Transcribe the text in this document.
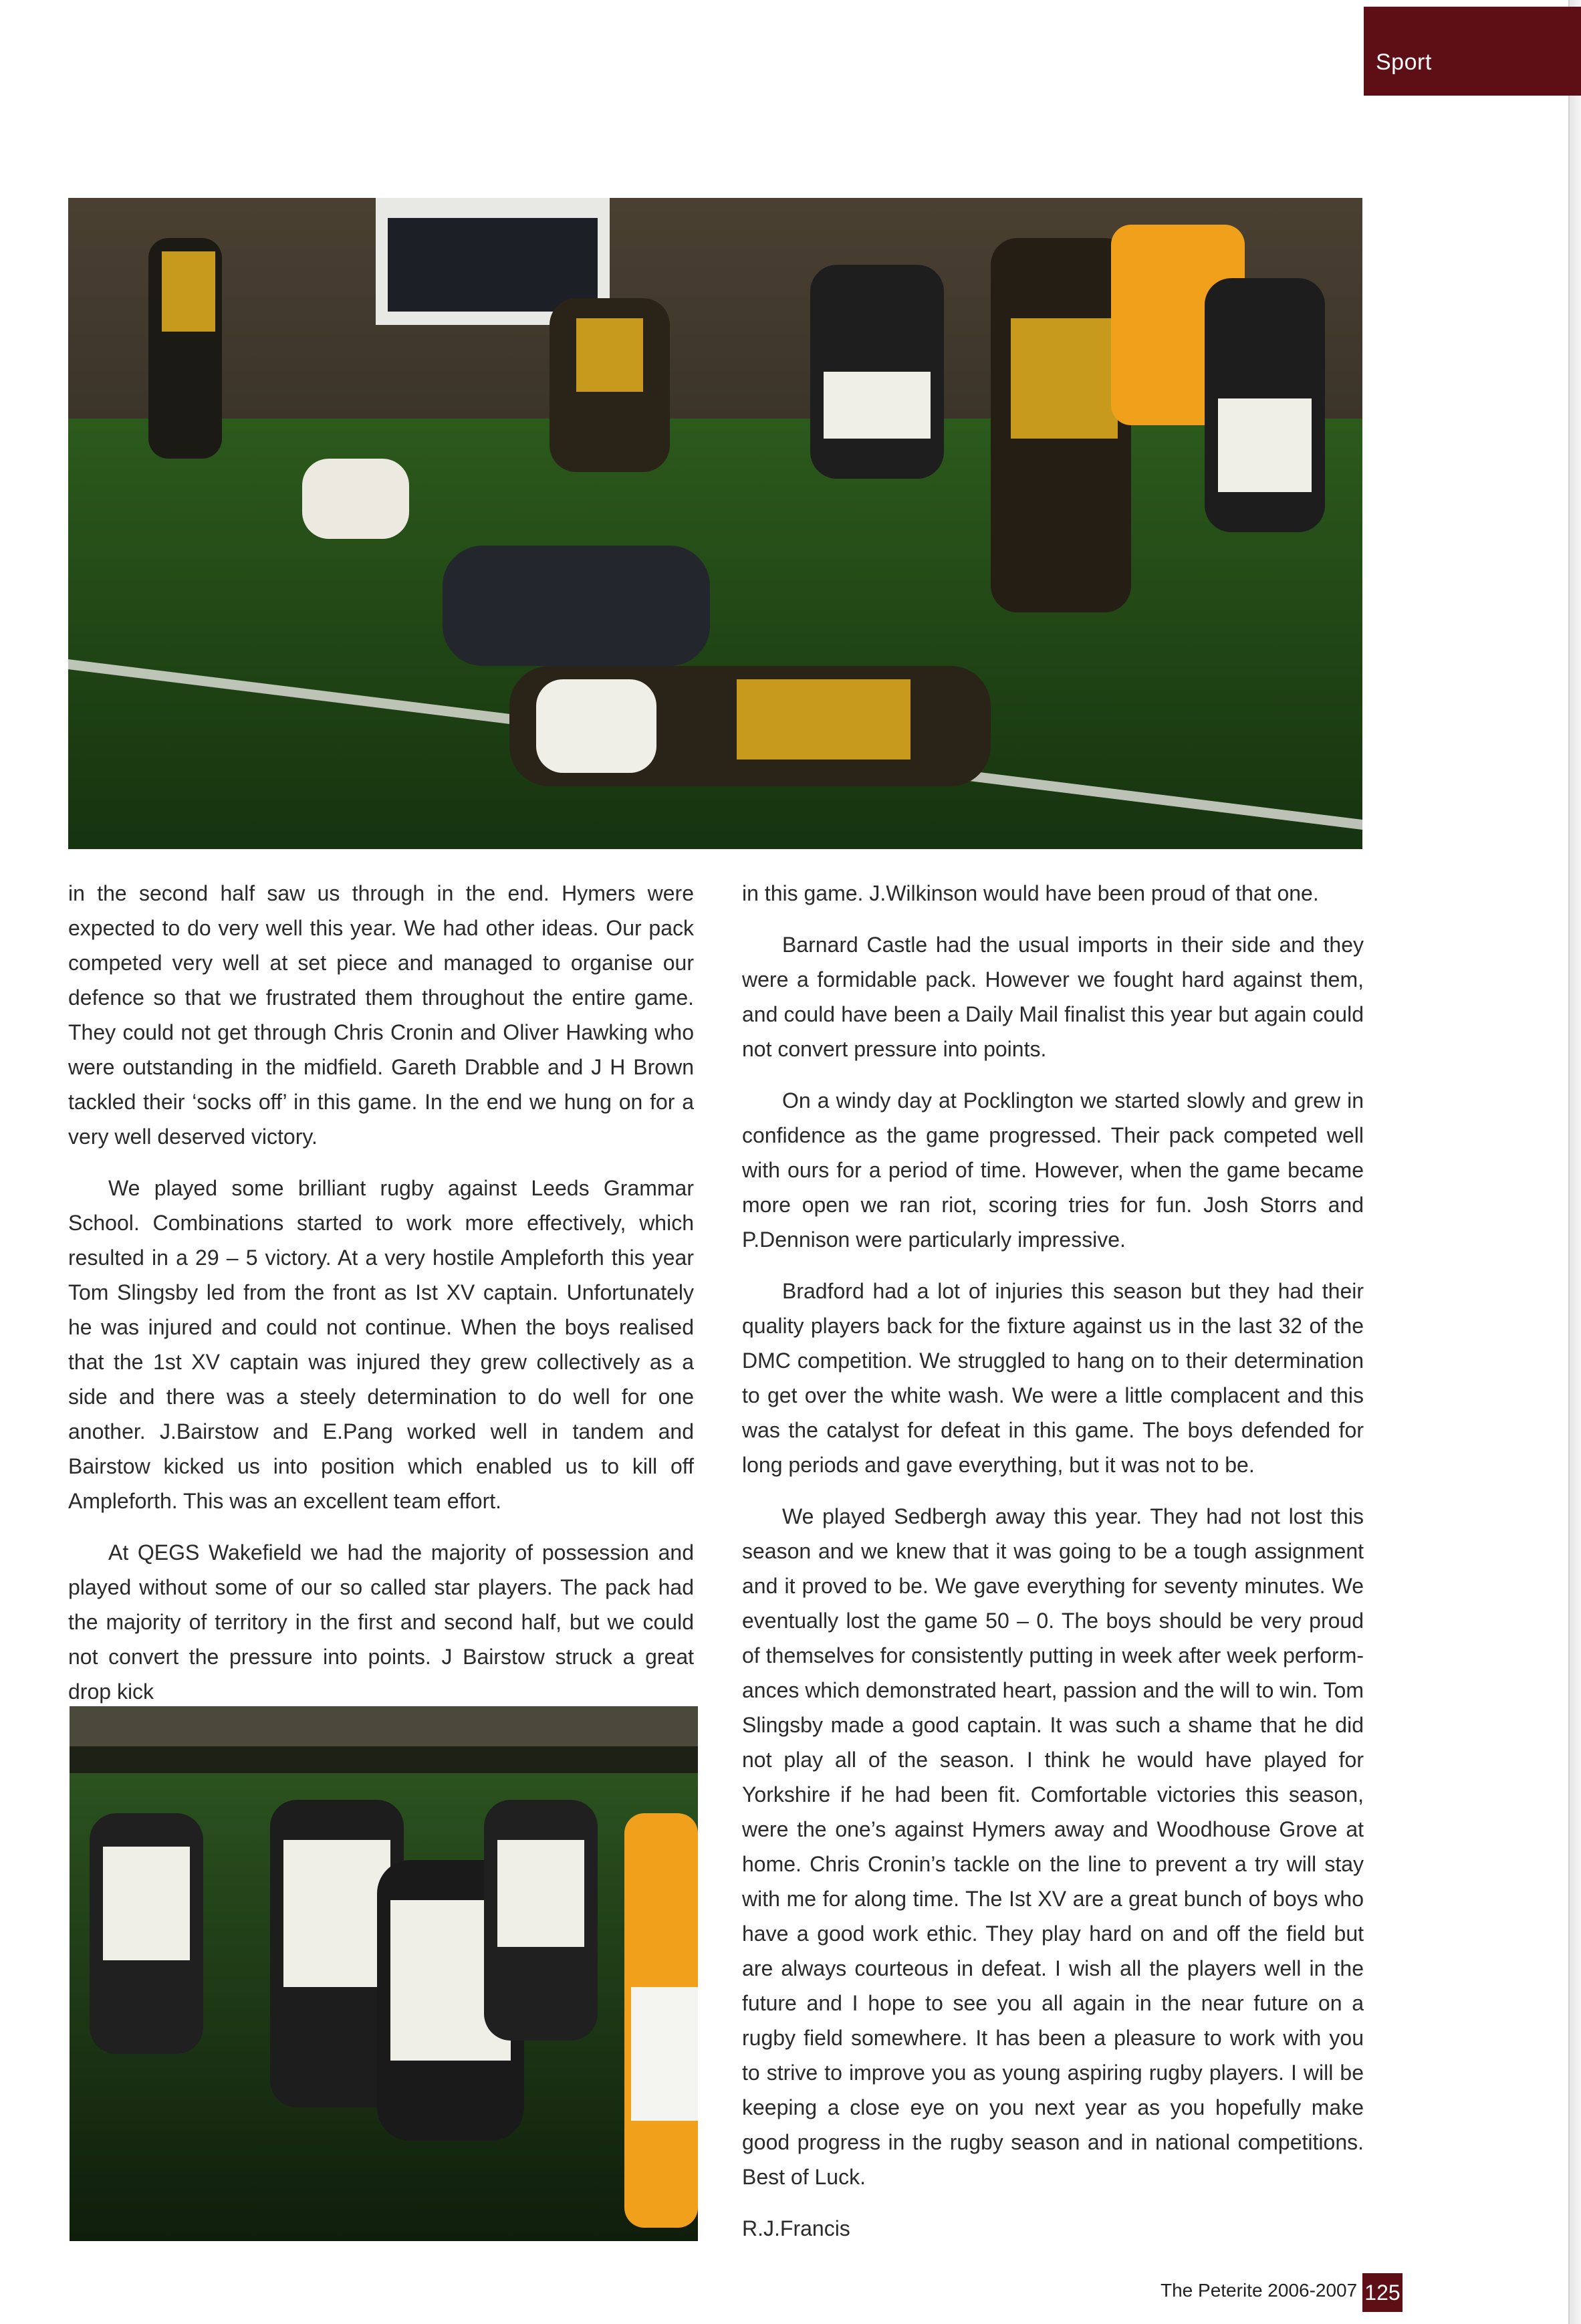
Sport

in the second half saw us through in the end. Hymers were expected to do very well this year. We had other ideas. Our pack competed very well at set piece and managed to organise our defence so that we frustrated them throughout the entire game. They could not get through Chris Cronin and Oliver Hawking who were outstanding in the midfield. Gareth Drabble and J H Brown tackled their ‘socks off’ in this game. In the end we hung on for a very well deserved victory.

We played some brilliant rugby against Leeds Grammar School. Combinations started to work more effectively, which resulted in a 29 – 5 victory. At a very hostile Ampleforth this year Tom Slingsby led from the front as Ist XV captain. Unfortunately he was injured and could not continue. When the boys realised that the 1st XV captain was injured they grew collectively as a side and there was a steely determination to do well for one another. J.Bairstow and E.Pang worked well in tandem and Bairstow kicked us into position which enabled us to kill off Ampleforth. This was an excellent team effort.

At QEGS Wakefield we had the majority of possession and played without some of our so called star players. The pack had the majority of territory in the first and second half, but we could not convert the pressure into points. J Bairstow struck a great drop kick

in this game. J.Wilkinson would have been proud of that one.

Barnard Castle had the usual imports in their side and they were a formidable pack. However we fought hard against them, and could have been a Daily Mail finalist this year but again could not convert pressure into points.

On a windy day at Pocklington we started slowly and grew in confidence as the game progressed. Their pack competed well with ours for a period of time. However, when the game became more open we ran riot, scoring tries for fun. Josh Storrs and P.Dennison were particularly impressive.

Bradford had a lot of injuries this season but they had their quality players back for the fixture against us in the last 32 of the DMC competition. We struggled to hang on to their determination to get over the white wash. We were a little complacent and this was the catalyst for defeat in this game. The boys defended for long periods and gave everything, but it was not to be.

We played Sedbergh away this year. They had not lost this season and we knew that it was going to be a tough assignment and it proved to be. We gave everything for seventy minutes. We eventually lost the game 50 – 0. The boys should be very proud of themselves for consistently putting in week after week perform-ances which demonstrated heart, passion and the will to win. Tom Slingsby made a good captain. It was such a shame that he did not play all of the season. I think he would have played for Yorkshire if he had been fit. Comfortable victories this season, were the one’s against Hymers away and Woodhouse Grove at home. Chris Cronin’s tackle on the line to prevent a try will stay with me for along time. The Ist XV are a great bunch of boys who have a good work ethic. They play hard on and off the field but are always courteous in defeat. I wish all the players well in the future and I hope to see you all again in the near future on a rugby field somewhere. It has been a pleasure to work with you to strive to improve you as young aspiring rugby players. I will be keeping a close eye on you next year as you hopefully make good progress in the rugby season and in national competitions. Best of Luck.

R.J.Francis

The Peterite 2006-2007 125
